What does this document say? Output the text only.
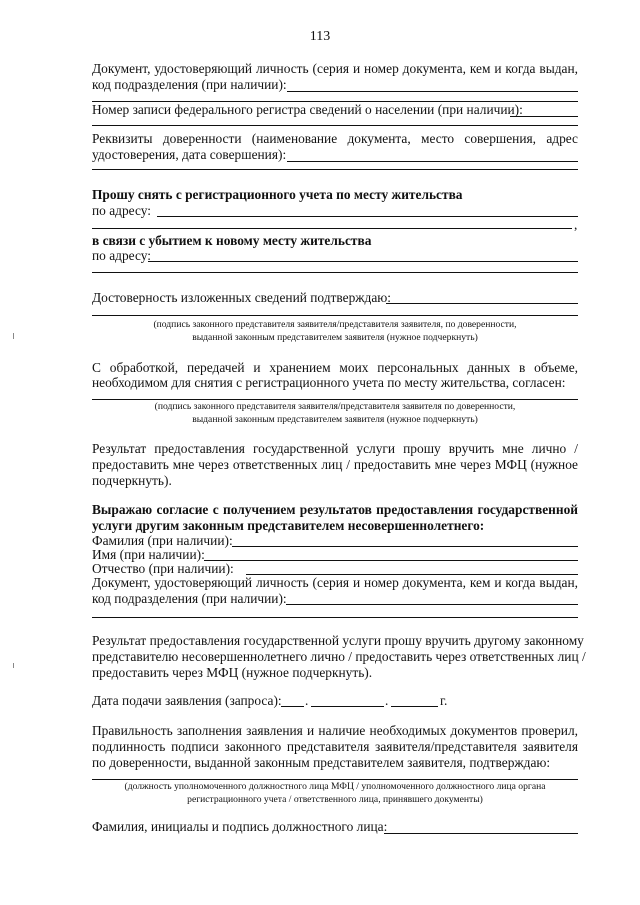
113
Документ, удостоверяющий личность (серия и номер документа, кем и когда выдан,
код подразделения (при наличии):
Номер записи федерального регистра сведений о населении (при наличии):
Реквизиты доверенности (наименование документа, место совершения, адрес
удостоверения, дата совершения):
Прошу снять с регистрационного учета по месту жительства
по адресу:
,
в связи с убытием к новому месту жительства
по адресу:
Достоверность изложенных сведений подтверждаю:
(подпись законного представителя заявителя/представителя заявителя, по доверенности,
выданной законным представителем заявителя (нужное подчеркнуть)
С обработкой, передачей и хранением моих персональных данных в объеме,
необходимом для снятия с регистрационного учета по месту жительства, согласен:
(подпись законного представителя заявителя/представителя заявителя по доверенности,
выданной законным представителем заявителя (нужное подчеркнуть)
Результат предоставления государственной услуги прошу вручить мне лично /
предоставить мне через ответственных лиц / предоставить мне через МФЦ (нужное
подчеркнуть).
Выражаю согласие с получением результатов предоставления государственной
услуги другим законным представителем несовершеннолетнего:
Фамилия (при наличии):
Имя (при наличии):
Отчество (при наличии):
Документ, удостоверяющий личность (серия и номер документа, кем и когда выдан,
код подразделения (при наличии):
Результат предоставления государственной услуги прошу вручить другому законному
представителю несовершеннолетнего лично / предоставить через ответственных лиц /
предоставить через МФЦ (нужное подчеркнуть).
Дата подачи заявления (запроса): .	.	г.
Правильность заполнения заявления и наличие необходимых документов проверил,
подлинность подписи законного представителя заявителя/представителя заявителя
по доверенности, выданной законным представителем заявителя, подтверждаю:
(должность уполномоченного должностного лица МФЦ / уполномоченного должностного лица органа
регистрационного учета / ответственного лица, принявшего документы)
Фамилия, инициалы и подпись должностного лица:
